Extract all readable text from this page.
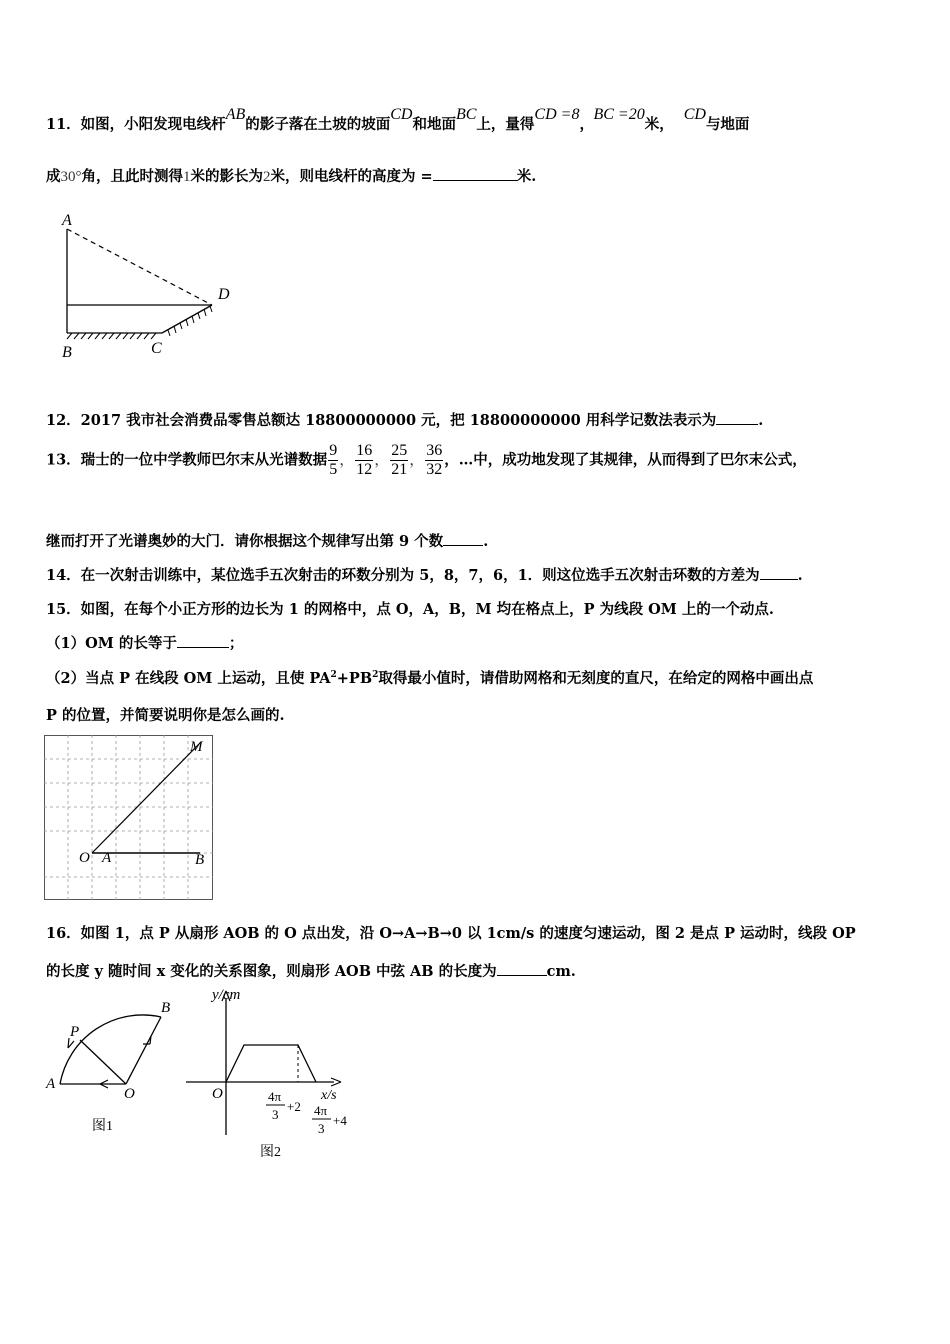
11．如图，小阳发现电线杆AB的影子落在土坡的坡面CD和地面BC上，量得CD =8，BC =20米，CD与地面
成30°角，且此时测得1米的影长为2米，则电线杆的高度为 =	米.
A
B	C
D
12．2017 我市社会消费品零售总额达 18800000000 元，把 18800000000 用科学记数法表示为	.
13．瑞士的一位中学教师巴尔末从光谱数据 $\frac{9}{5}$ ， $\frac{16}{12}$ ， $\frac{25}{21}$ ， $\frac{36}{32}$ ，…中，成功地发现了其规律，从而得到了巴尔末公式，
继而打开了光谱奥妙的大门．请你根据这个规律写出第 9 个数	.
14．在一次射击训练中，某位选手五次射击的环数分别为 5，8，7，6，1．则这位选手五次射击环数的方差为	.
15．如图，在每个小正方形的边长为 1 的网格中，点 O，A，B，M 均在格点上，P 为线段 OM 上的一个动点.
（1）OM 的长等于	；
（2）当点 P 在线段 OM 上运动，且使 $PA^2+PB^2$取得最小值时，请借助网格和无刻度的直尺，在给定的网格中画出点
P 的位置，并简要说明你是怎么画的.
O A	B
M
16．如图 1，点 P 从扇形 AOB 的 O 点出发，沿 O→A→B→0 以 1cm/s 的速度匀速运动，图 2 是点 P 运动时，线段 OP
的长度 y 随时间 x 变化的关系图象，则扇形 AOB 中弦 AB 的长度为	cm.
A
O
P
B
图1
y/cm
x/s
O	4π
3
+2 4π
3
+4
图2
